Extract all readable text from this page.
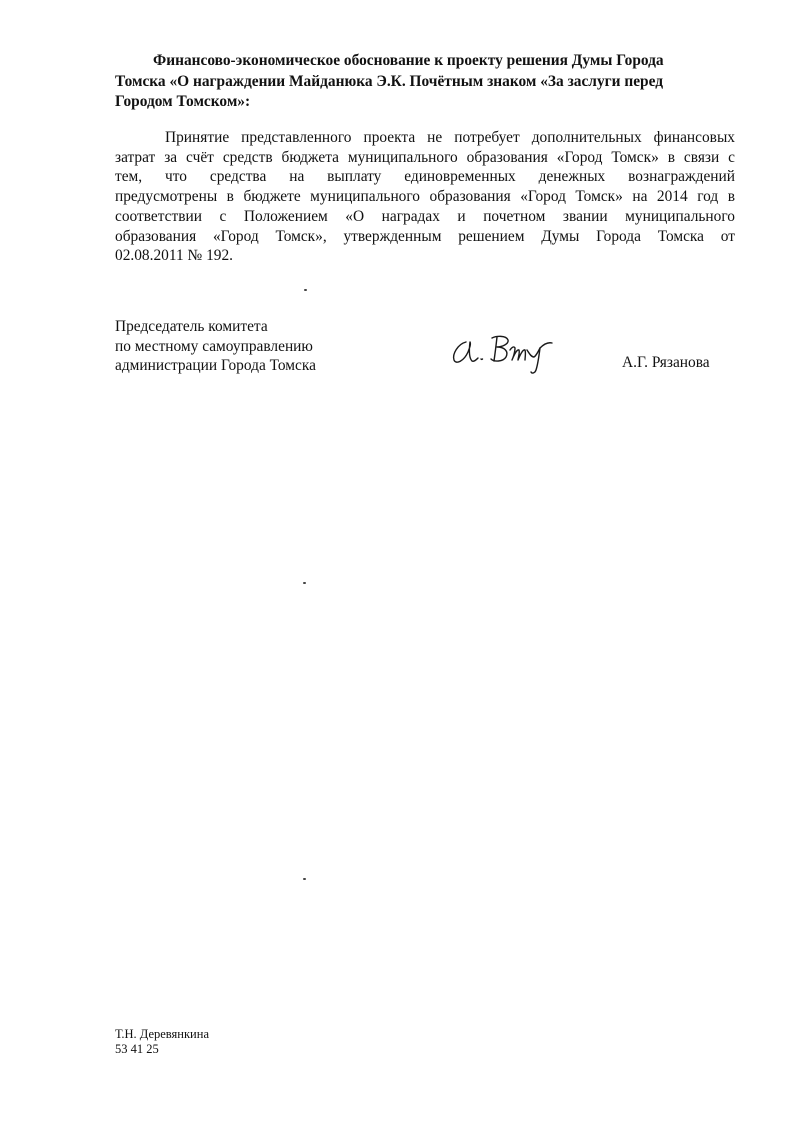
Финансово-экономическое обоснование к проекту решения Думы Города
Томска «О награждении Майданюка Э.К. Почётным знаком «За заслуги перед
Городом Томском»:
Принятие представленного проекта не потребует дополнительных финансовых
затрат за счёт средств бюджета муниципального образования «Город Томск» в связи с
тем, что средства на выплату единовременных денежных вознаграждений
предусмотрены в бюджете муниципального образования «Город Томск» на 2014 год в
соответствии с Положением «О наградах и почетном звании муниципального
образования «Город Томск», утвержденным решением Думы Города Томска от
02.08.2011 № 192.
Председатель комитета
по местному самоуправлению
администрации Города Томска	А.Г. Рязанова
Т.Н. Деревянкина
53 41 25
